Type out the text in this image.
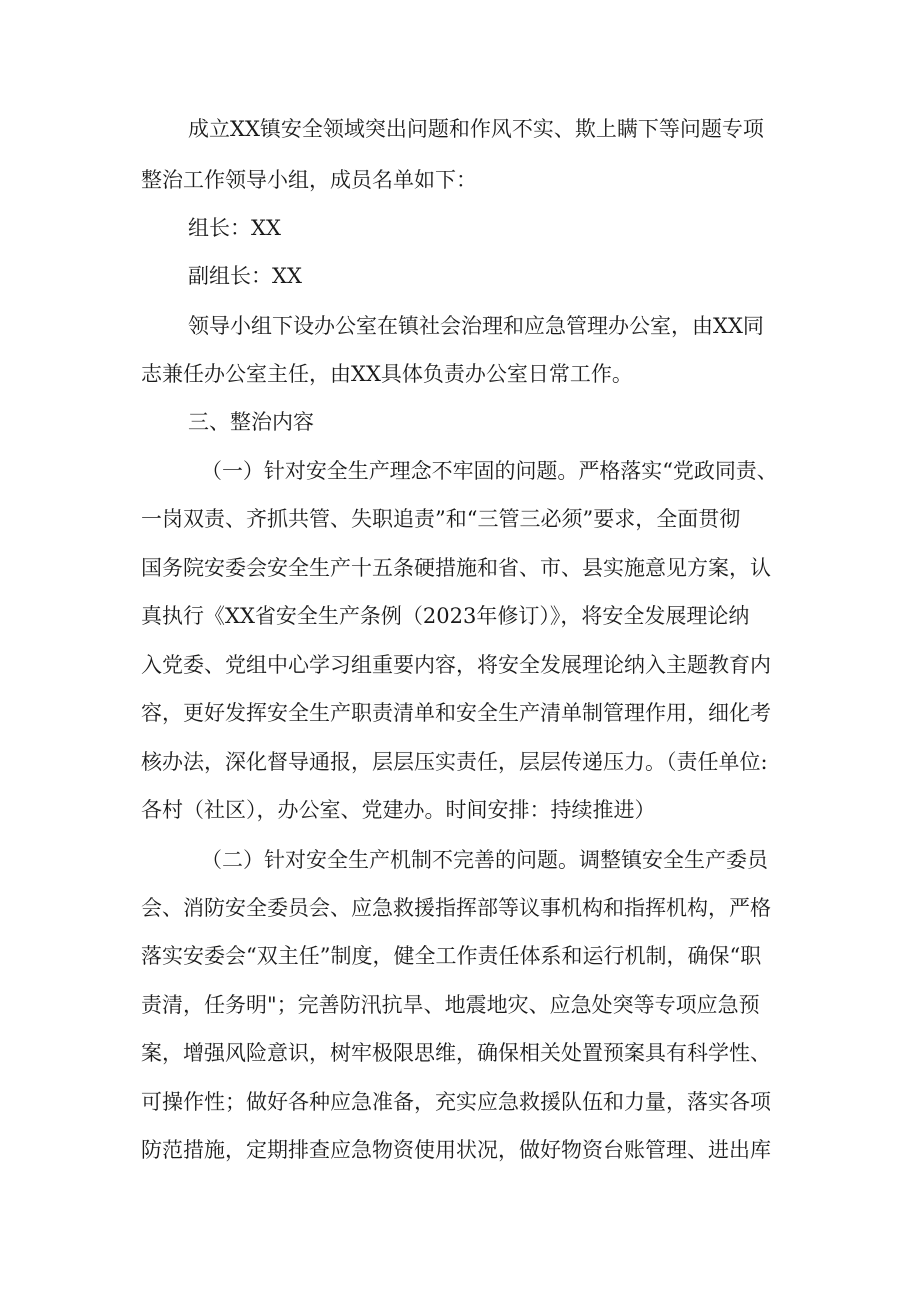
成立XX镇安全领域突出问题和作风不实、欺上瞒下等问题专项
整治工作领导小组，成员名单如下：
组长：XX
副组长：XX
领导小组下设办公室在镇社会治理和应急管理办公室，由XX同
志兼任办公室主任，由XX具体负责办公室日常工作。
三、整治内容
（一）针对安全生产理念不牢固的问题。严格落实“党政同责、
一岗双责、齐抓共管、失职追责”和“三管三必须”要求，全面贯彻
国务院安委会安全生产十五条硬措施和省、市、县实施意见方案，认
真执行《XX省安全生产条例（2023年修订）》，将安全发展理论纳
入党委、党组中心学习组重要内容，将安全发展理论纳入主题教育内
容，更好发挥安全生产职责清单和安全生产清单制管理作用，细化考
核办法，深化督导通报，层层压实责任，层层传递压力。（责任单位:
各村（社区），办公室、党建办。时间安排：持续推进）
（二）针对安全生产机制不完善的问题。调整镇安全生产委员
会、消防安全委员会、应急救援指挥部等议事机构和指挥机构，严格
落实安委会“双主任”制度，健全工作责任体系和运行机制，确保“职
责清，任务明"；完善防汛抗旱、地震地灾、应急处突等专项应急预
案，增强风险意识，树牢极限思维，确保相关处置预案具有科学性、
可操作性；做好各种应急准备，充实应急救援队伍和力量，落实各项
防范措施，定期排查应急物资使用状况，做好物资台账管理、进出库
